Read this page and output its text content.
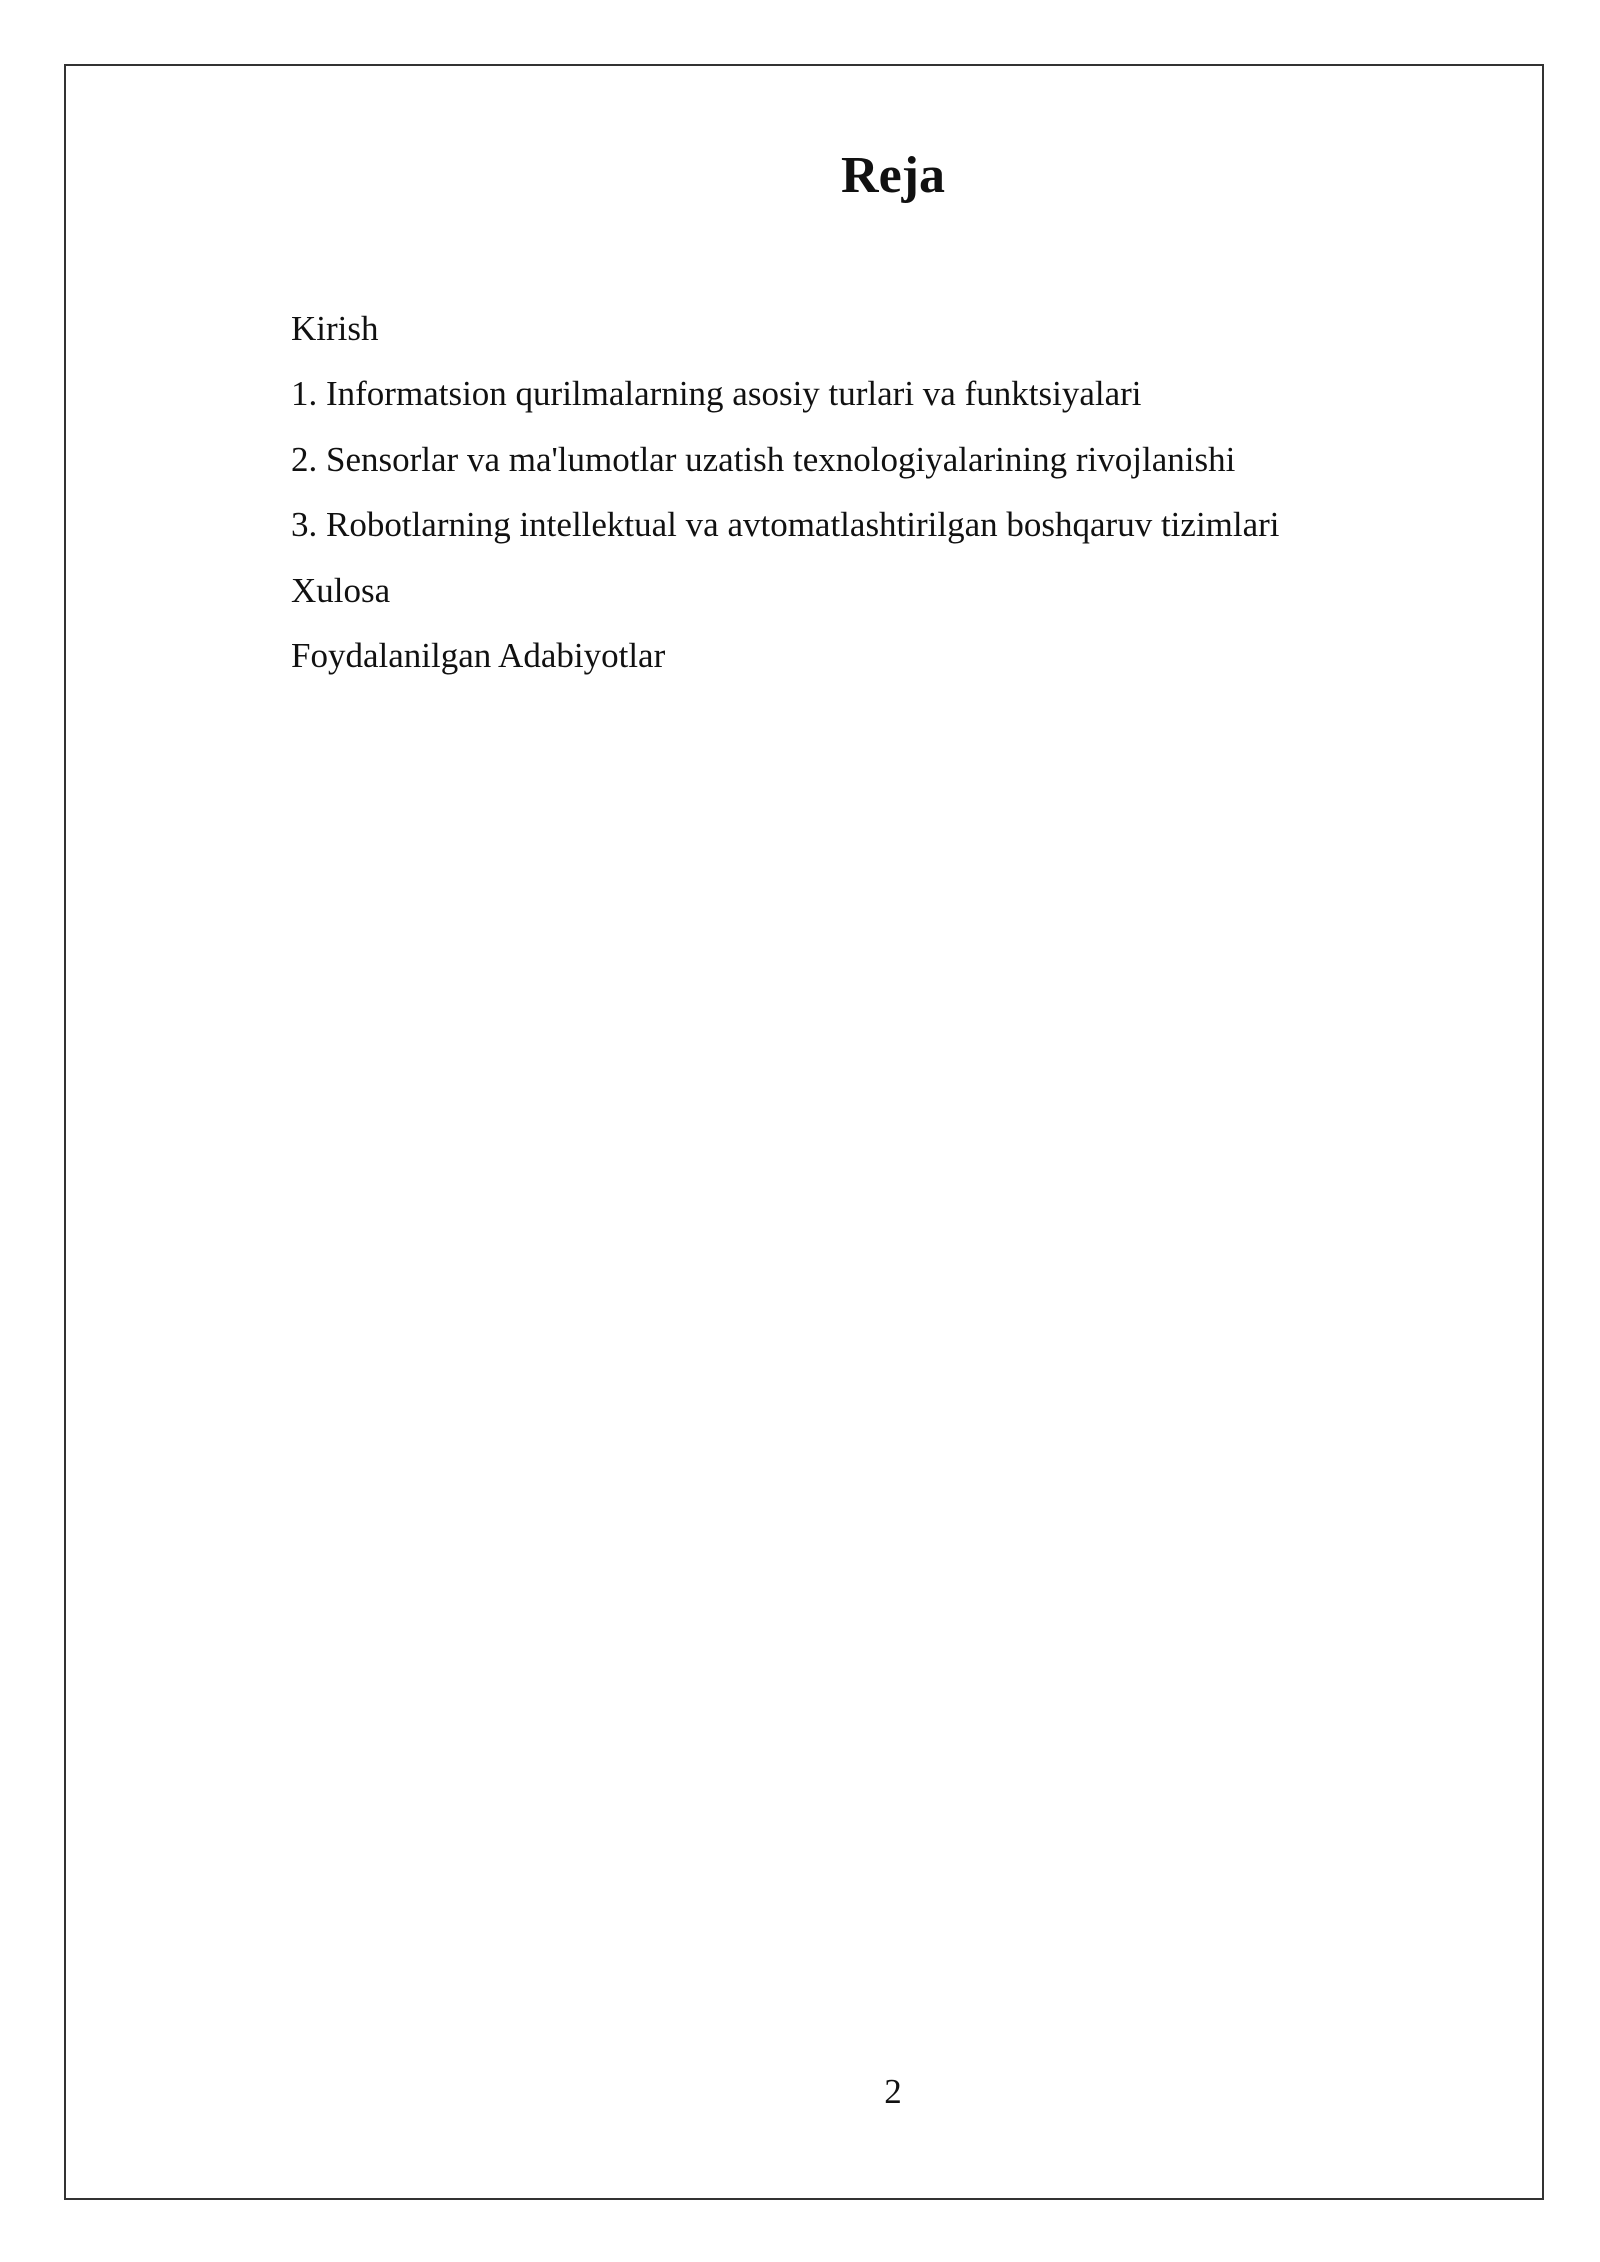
Reja
Kirish
1. Informatsion qurilmalarning asosiy turlari va funktsiyalari
2. Sensorlar va ma'lumotlar uzatish texnologiyalarining rivojlanishi
3. Robotlarning intellektual va avtomatlashtirilgan boshqaruv tizimlari
Xulosa
Foydalanilgan Adabiyotlar
2
